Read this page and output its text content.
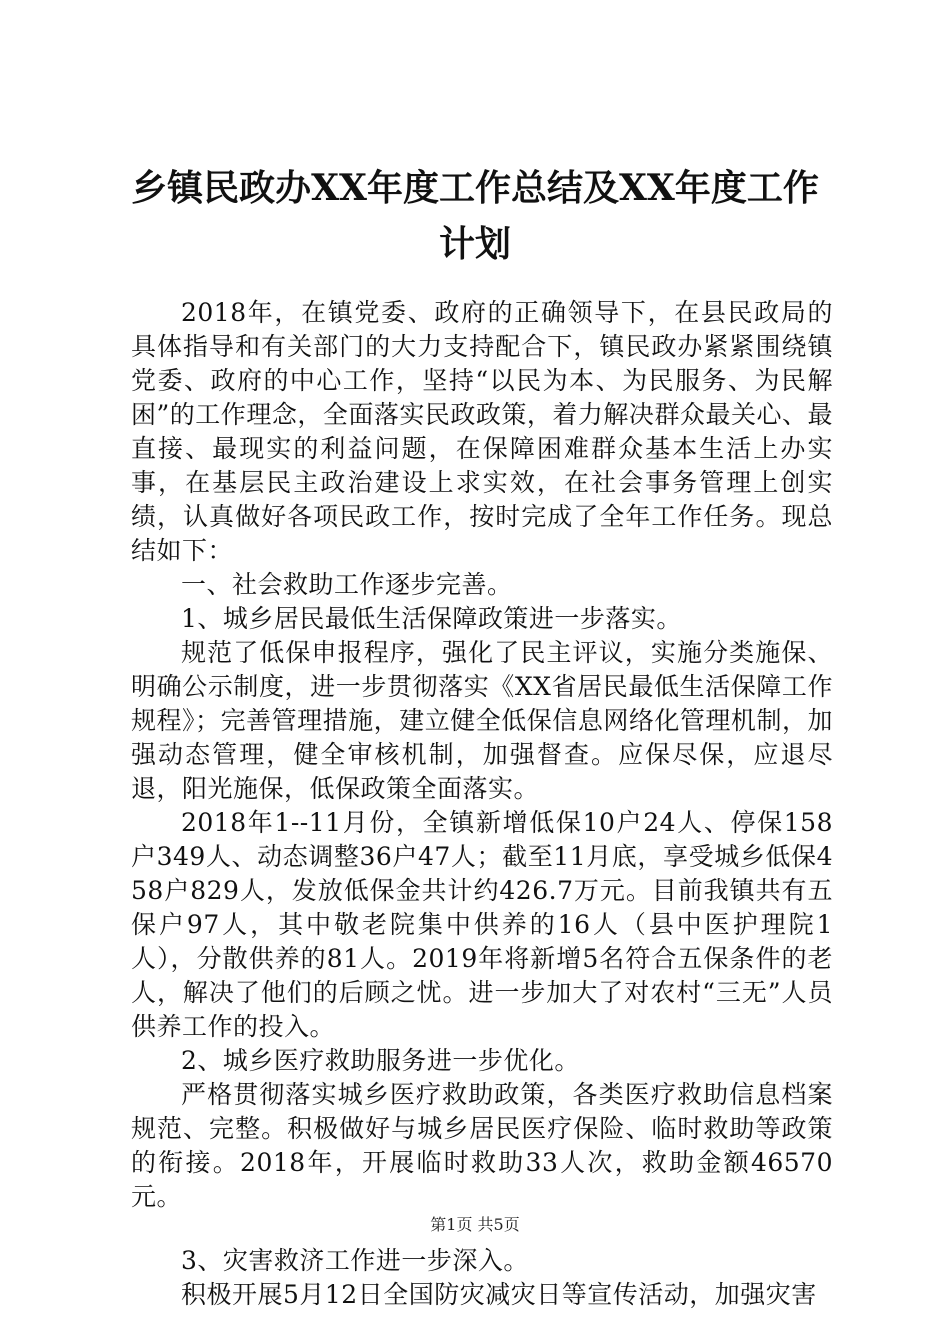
乡镇民政办XX年度工作总结及XX年度工作计划

2018年，在镇党委、政府的正确领导下，在县民政局的具体指导和有关部门的大力支持配合下，镇民政办紧紧围绕镇党委、政府的中心工作，坚持“以民为本、为民服务、为民解困”的工作理念，全面落实民政政策，着力解决群众最关心、最直接、最现实的利益问题，在保障困难群众基本生活上办实事，在基层民主政治建设上求实效，在社会事务管理上创实绩，认真做好各项民政工作，按时完成了全年工作任务。现总结如下：

一、社会救助工作逐步完善。

1、城乡居民最低生活保障政策进一步落实。

规范了低保申报程序，强化了民主评议，实施分类施保、明确公示制度，进一步贯彻落实《XX省居民最低生活保障工作规程》；完善管理措施，建立健全低保信息网络化管理机制，加强动态管理，健全审核机制，加强督查。应保尽保，应退尽退，阳光施保，低保政策全面落实。

2018年1--11月份，全镇新增低保10户24人、停保158户349人、动态调整36户47人；截至11月底，享受城乡低保458户829人，发放低保金共计约426.7万元。目前我镇共有五保户97人，其中敬老院集中供养的16人（县中医护理院1人），分散供养的81人。2019年将新增5名符合五保条件的老人，解决了他们的后顾之忧。进一步加大了对农村“三无”人员供养工作的投入。

2、城乡医疗救助服务进一步优化。

严格贯彻落实城乡医疗救助政策，各类医疗救助信息档案规范、完整。积极做好与城乡居民医疗保险、临时救助等政策的衔接。2018年，开展临时救助33人次，救助金额46570元。

3、灾害救济工作进一步深入。

积极开展5月12日全国防灾减灾日等宣传活动，加强灾害

第1页 共5页
